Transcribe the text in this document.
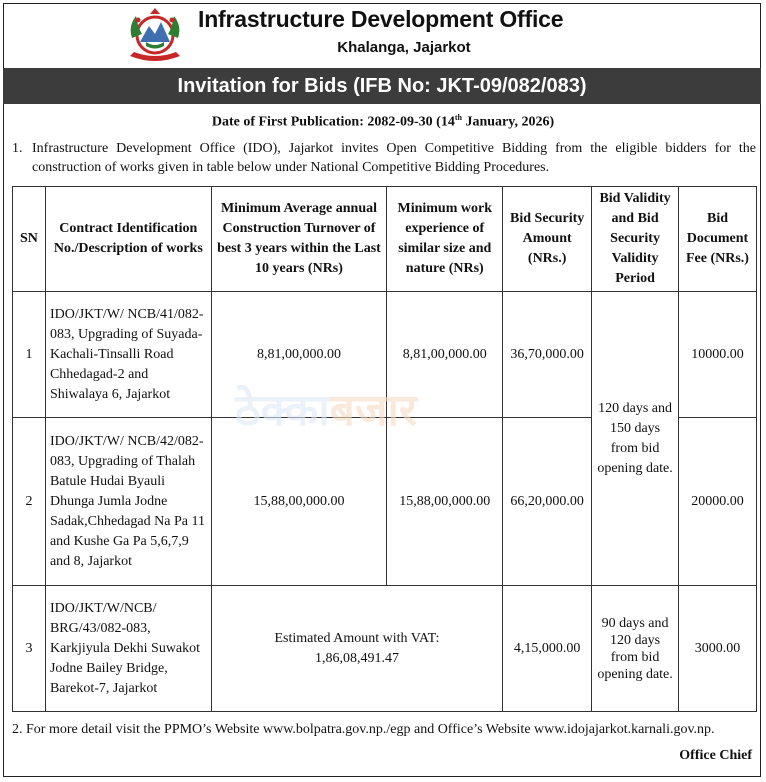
Infrastructure Development Office
Khalanga, Jajarkot
Invitation for Bids (IFB No: JKT-09/082/083)
Date of First Publication: 2082-09-30 (14th January, 2026)
1. Infrastructure Development Office (IDO), Jajarkot invites Open Competitive Bidding from the eligible bidders for the construction of works given in table below under National Competitive Bidding Procedures.
SN	Contract Identification No./Description of works	Minimum Average annual Construction Turnover of best 3 years within the Last 10 years (NRs)	Minimum work experience of similar size and nature (NRs)	Bid Security Amount (NRs.)	Bid Validity and Bid Security Validity Period	Bid Document Fee (NRs.)
1	IDO/JKT/W/ NCB/41/082-083, Upgrading of Suyada-Kachali-Tinsalli Road Chhedagad-2 and Shiwalaya 6, Jajarkot	8,81,00,000.00	8,81,00,000.00	36,70,000.00	120 days and 150 days from bid opening date.	10000.00
2	IDO/JKT/W/ NCB/42/082-083, Upgrading of Thalah Batule Hudai Byauli Dhunga Jumla Jodne Sadak,Chhedagad Na Pa 11 and Kushe Ga Pa 5,6,7,9 and 8, Jajarkot	15,88,00,000.00	15,88,00,000.00	66,20,000.00		20000.00
3	IDO/JKT/W/NCB/ BRG/43/082-083, Karkjiyula Dekhi Suwakot Jodne Bailey Bridge, Barekot-7, Jajarkot	Estimated Amount with VAT: 1,86,08,491.47		4,15,000.00	90 days and 120 days from bid opening date.	3000.00
ठेक्काबजार
2. For more detail visit the PPMO’s Website www.bolpatra.gov.np./egp and Office’s Website www.idojajarkot.karnali.gov.np.
Office Chief
